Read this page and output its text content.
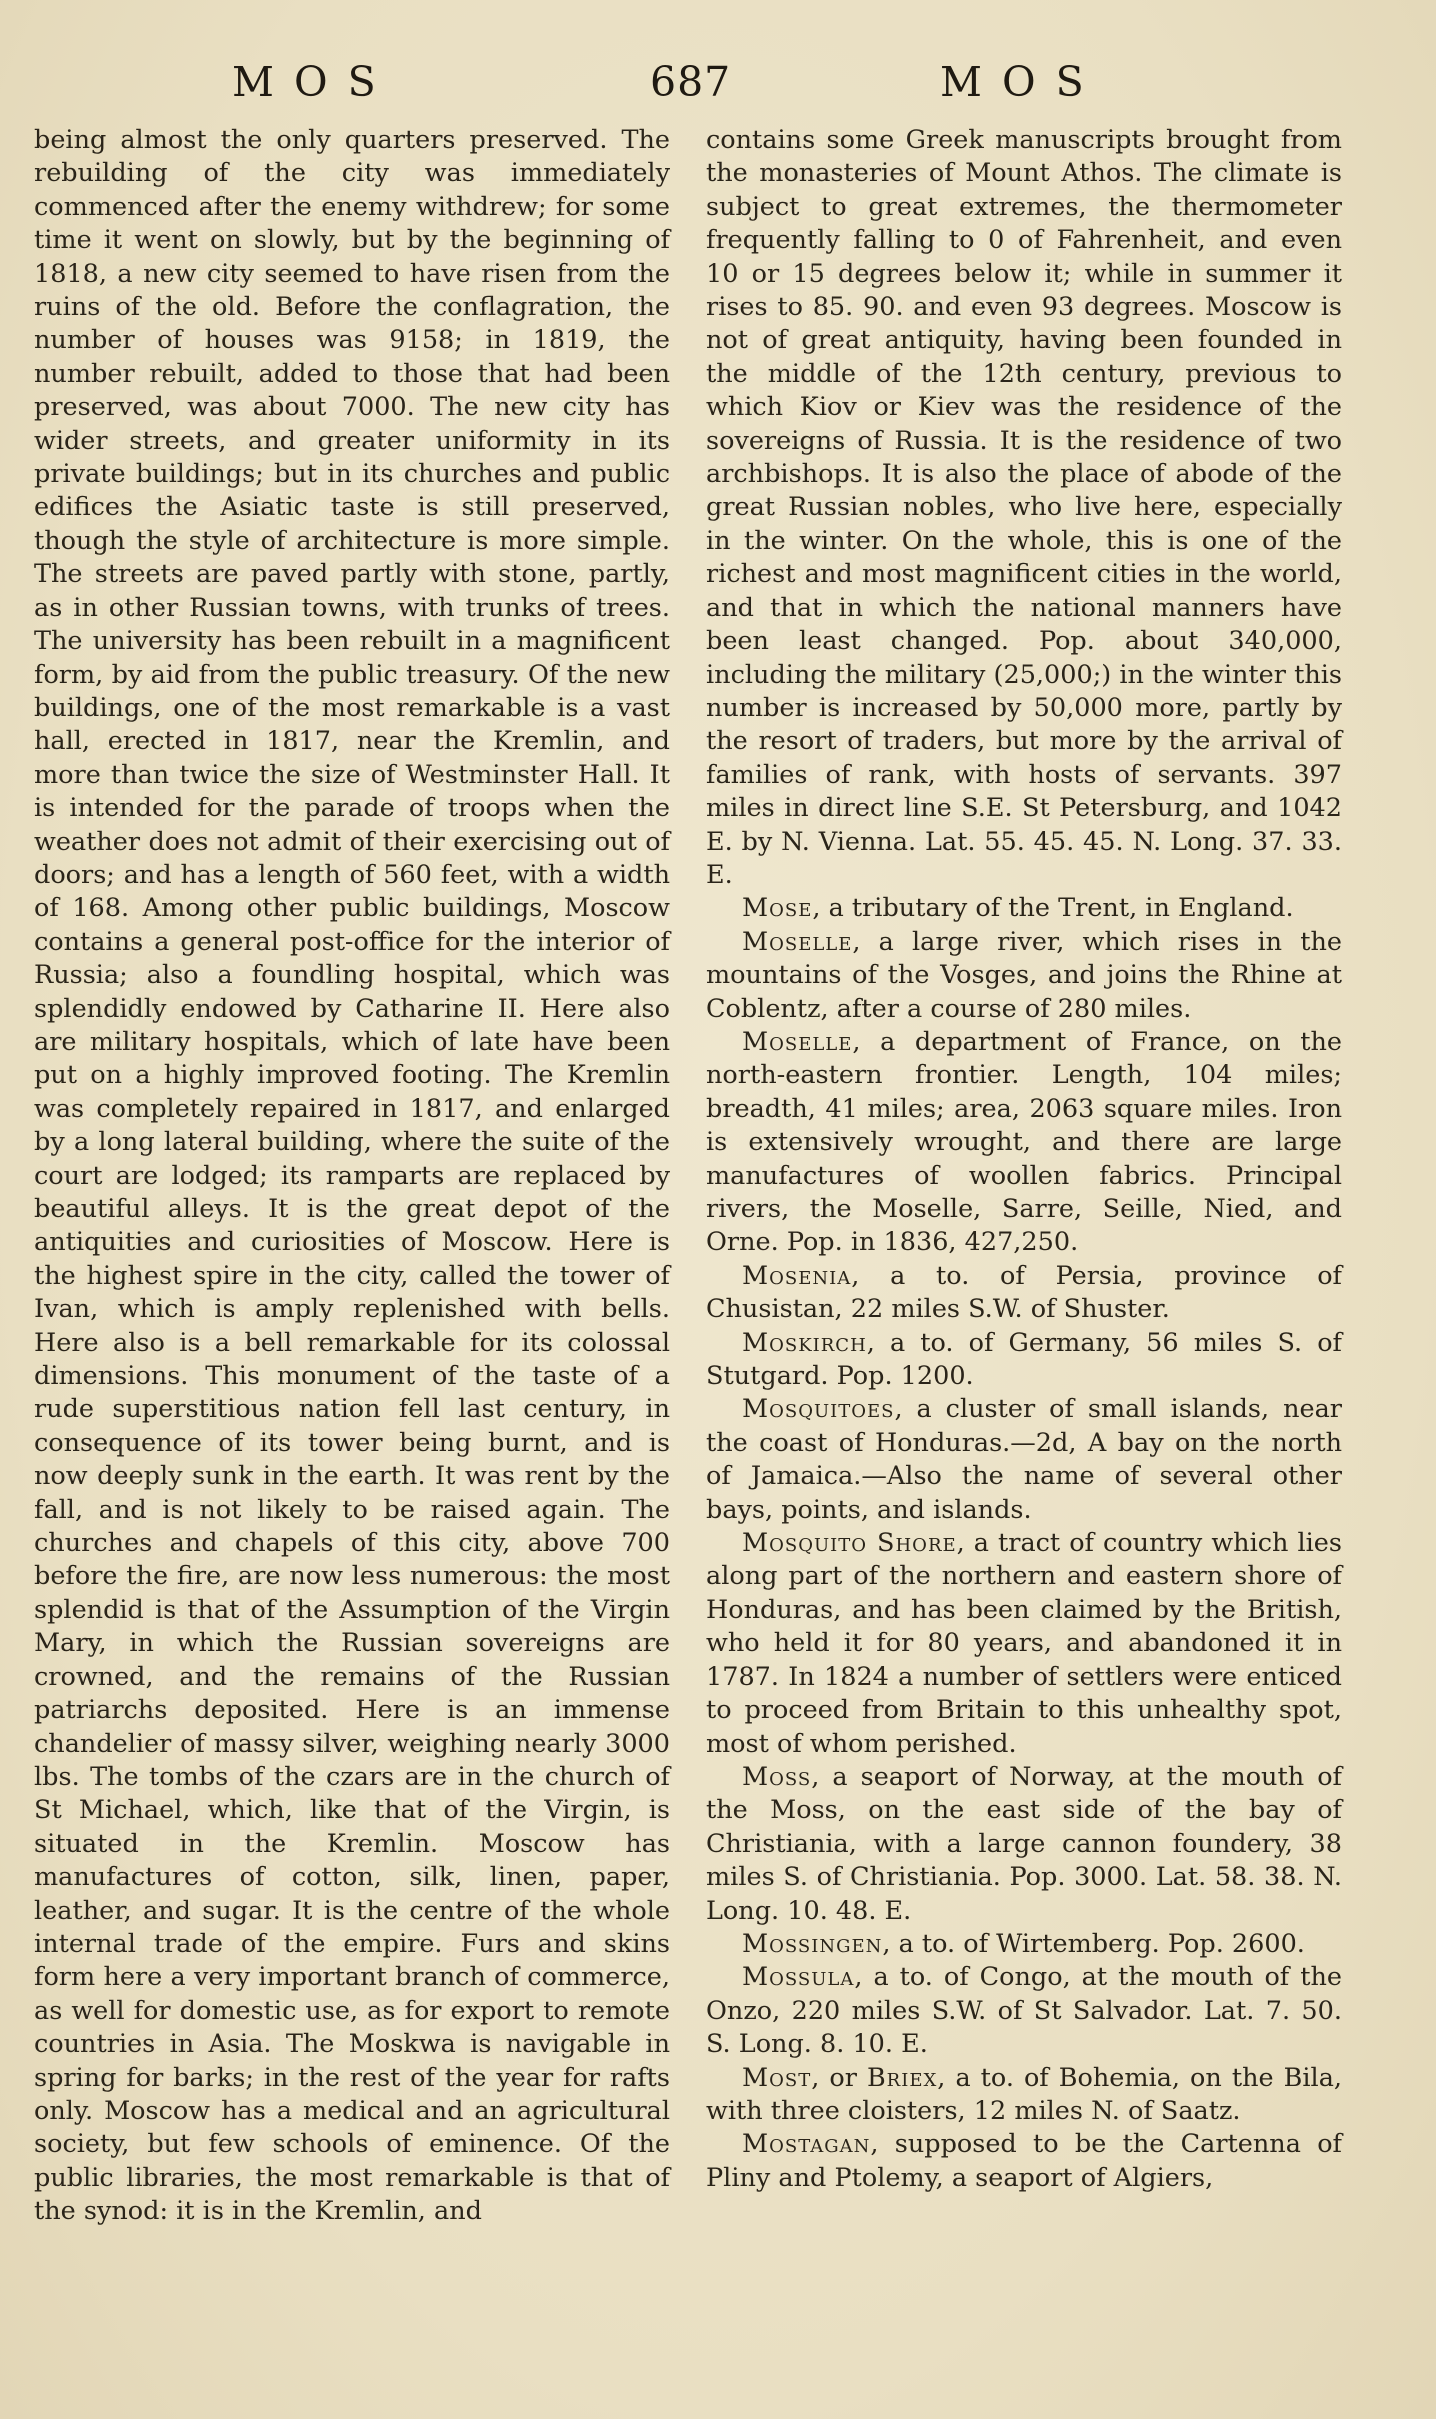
MOS	687	MOS

being almost the only quarters preserved. The rebuilding of the city was immediately commenced after the enemy withdrew; for some time it went on slowly, but by the beginning of 1818, a new city seemed to have risen from the ruins of the old. Before the conflagration, the number of houses was 9158; in 1819, the number rebuilt, added to those that had been preserved, was about 7000. The new city has wider streets, and greater uniformity in its private buildings; but in its churches and public edifices the Asiatic taste is still preserved, though the style of architecture is more simple. The streets are paved partly with stone, partly, as in other Russian towns, with trunks of trees. The university has been rebuilt in a magnificent form, by aid from the public treasury. Of the new buildings, one of the most remarkable is a vast hall, erected in 1817, near the Kremlin, and more than twice the size of Westminster Hall. It is intended for the parade of troops when the weather does not admit of their exercising out of doors; and has a length of 560 feet, with a width of 168. Among other public buildings, Moscow contains a general post-office for the interior of Russia; also a foundling hospital, which was splendidly endowed by Catharine II. Here also are military hospitals, which of late have been put on a highly improved footing. The Kremlin was completely repaired in 1817, and enlarged by a long lateral building, where the suite of the court are lodged; its ramparts are replaced by beautiful alleys. It is the great depot of the antiquities and curiosities of Moscow. Here is the highest spire in the city, called the tower of Ivan, which is amply replenished with bells. Here also is a bell remarkable for its colossal dimensions. This monument of the taste of a rude superstitious nation fell last century, in consequence of its tower being burnt, and is now deeply sunk in the earth. It was rent by the fall, and is not likely to be raised again. The churches and chapels of this city, above 700 before the fire, are now less numerous: the most splendid is that of the Assumption of the Virgin Mary, in which the Russian sovereigns are crowned, and the remains of the Russian patriarchs deposited. Here is an immense chandelier of massy silver, weighing nearly 3000 lbs. The tombs of the czars are in the church of St Michael, which, like that of the Virgin, is situated in the Kremlin. Moscow has manufactures of cotton, silk, linen, paper, leather, and sugar. It is the centre of the whole internal trade of the empire. Furs and skins form here a very important branch of commerce, as well for domestic use, as for export to remote countries in Asia. The Moskwa is navigable in spring for barks; in the rest of the year for rafts only. Moscow has a medical and an agricultural society, but few schools of eminence. Of the public libraries, the most remarkable is that of the synod: it is in the Kremlin, and

contains some Greek manuscripts brought from the monasteries of Mount Athos. The climate is subject to great extremes, the thermometer frequently falling to 0 of Fahrenheit, and even 10 or 15 degrees below it; while in summer it rises to 85. 90. and even 93 degrees. Moscow is not of great antiquity, having been founded in the middle of the 12th century, previous to which Kiov or Kiev was the residence of the sovereigns of Russia. It is the residence of two archbishops. It is also the place of abode of the great Russian nobles, who live here, especially in the winter. On the whole, this is one of the richest and most magnificent cities in the world, and that in which the national manners have been least changed. Pop. about 340,000, including the military (25,000;) in the winter this number is increased by 50,000 more, partly by the resort of traders, but more by the arrival of families of rank, with hosts of servants. 397 miles in direct line S.E. St Petersburg, and 1042 E. by N. Vienna. Lat. 55. 45. 45. N. Long. 37. 33. E.

Mose, a tributary of the Trent, in England.

Moselle, a large river, which rises in the mountains of the Vosges, and joins the Rhine at Coblentz, after a course of 280 miles.

Moselle, a department of France, on the north-eastern frontier. Length, 104 miles; breadth, 41 miles; area, 2063 square miles. Iron is extensively wrought, and there are large manufactures of woollen fabrics. Principal rivers, the Moselle, Sarre, Seille, Nied, and Orne. Pop. in 1836, 427,250.

Mosenia, a to. of Persia, province of Chusistan, 22 miles S.W. of Shuster.

Moskirch, a to. of Germany, 56 miles S. of Stutgard. Pop. 1200.

Mosquitoes, a cluster of small islands, near the coast of Honduras.—2d, A bay on the north of Jamaica.—Also the name of several other bays, points, and islands.

Mosquito Shore, a tract of country which lies along part of the northern and eastern shore of Honduras, and has been claimed by the British, who held it for 80 years, and abandoned it in 1787. In 1824 a number of settlers were enticed to proceed from Britain to this unhealthy spot, most of whom perished.

Moss, a seaport of Norway, at the mouth of the Moss, on the east side of the bay of Christiania, with a large cannon foundery, 38 miles S. of Christiania. Pop. 3000. Lat. 58. 38. N. Long. 10. 48. E.

Mossingen, a to. of Wirtemberg. Pop. 2600.

Mossula, a to. of Congo, at the mouth of the Onzo, 220 miles S.W. of St Salvador. Lat. 7. 50. S. Long. 8. 10. E.

Most, or Briex, a to. of Bohemia, on the Bila, with three cloisters, 12 miles N. of Saatz.

Mostagan, supposed to be the Cartenna of Pliny and Ptolemy, a seaport of Algiers,
